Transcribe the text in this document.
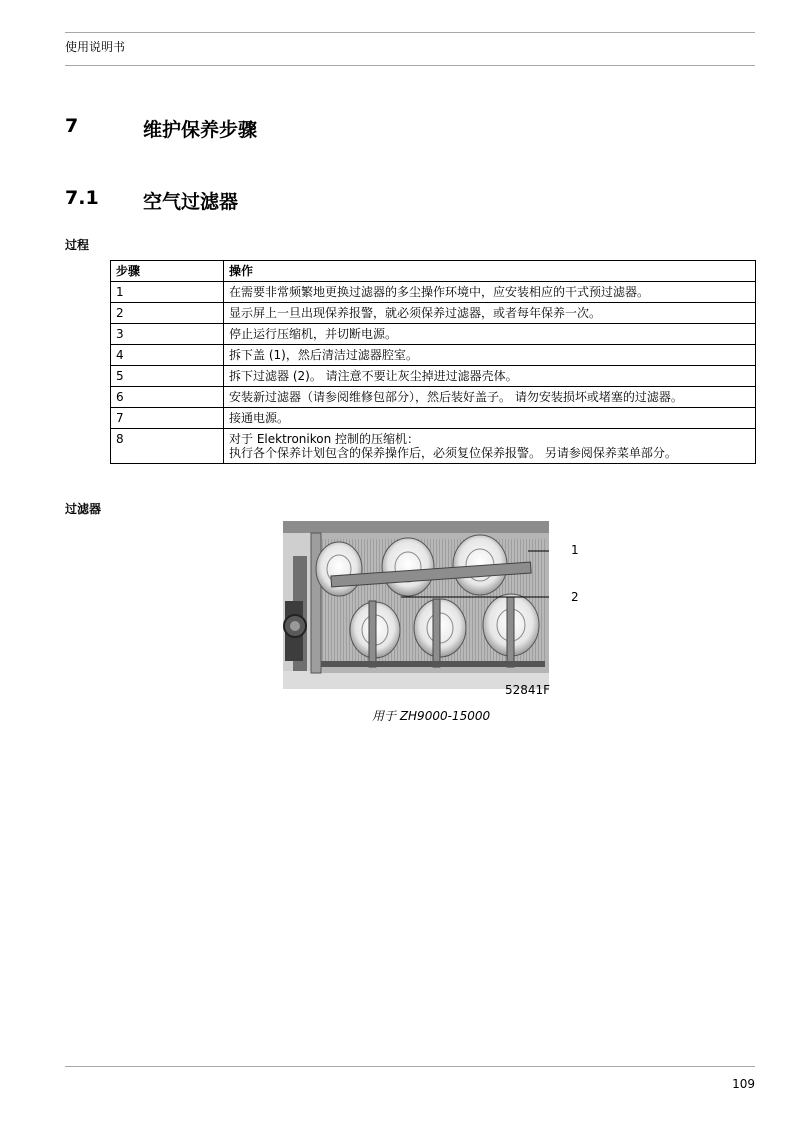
使用说明书
7	维护保养步骤
7.1	空气过滤器
过程
步骤	操作
1	在需要非常频繁地更换过滤器的多尘操作环境中，应安装相应的干式预过滤器。
2	显示屏上一旦出现保养报警，就必须保养过滤器，或者每年保养一次。
3	停止运行压缩机，并切断电源。
4	拆下盖 (1)，然后清洁过滤器腔室。
5	拆下过滤器 (2)。 请注意不要让灰尘掉进过滤器壳体。
6	安装新过滤器（请参阅维修包部分），然后装好盖子。 请勿安装损坏或堵塞的过滤器。
7	接通电源。
8	对于 Elektronikon 控制的压缩机：
执行各个保养计划包含的保养操作后，必须复位保养报警。 另请参阅保养菜单部分。
过滤器
1
2
52841F
用于 ZH9000-15000
109
